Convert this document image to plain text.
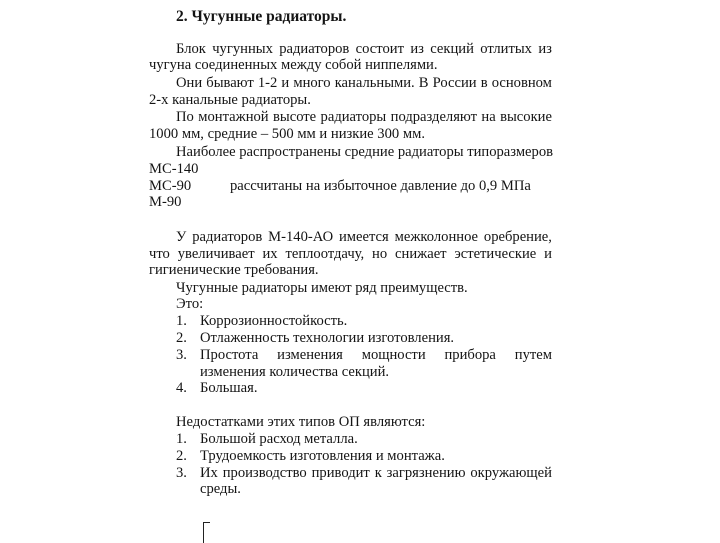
2. Чугунные радиаторы.

Блок чугунных радиаторов состоит из секций отлитых из

чугуна соединенных между собой ниппелями.

Они бывают 1-2 и много канальными. В России в основном

2-х канальные радиаторы.

По монтажной высоте радиаторы подразделяют на высокие

1000 мм, средние – 500 мм и низкие 300 мм.

Наиболее распространены средние радиаторы типоразмеров

МС-140

МС-90	рассчитаны на избыточное давление до 0,9 МПа

М-90

У радиаторов М-140-АО имеется межколонное оребрение,

что увеличивает их теплоотдачу, но снижает эстетические и

гигиенические требования.

Чугунные радиаторы имеют ряд преимуществ.

Это:

1. Коррозионностойкость.

2. Отлаженность технологии изготовления.

3. Простота изменения мощности прибора путем

изменения количества секций.

4. Большая.

Недостатками этих типов ОП являются:

1. Большой расход металла.

2. Трудоемкость изготовления и монтажа.

3. Их производство приводит к загрязнению окружающей

среды.
